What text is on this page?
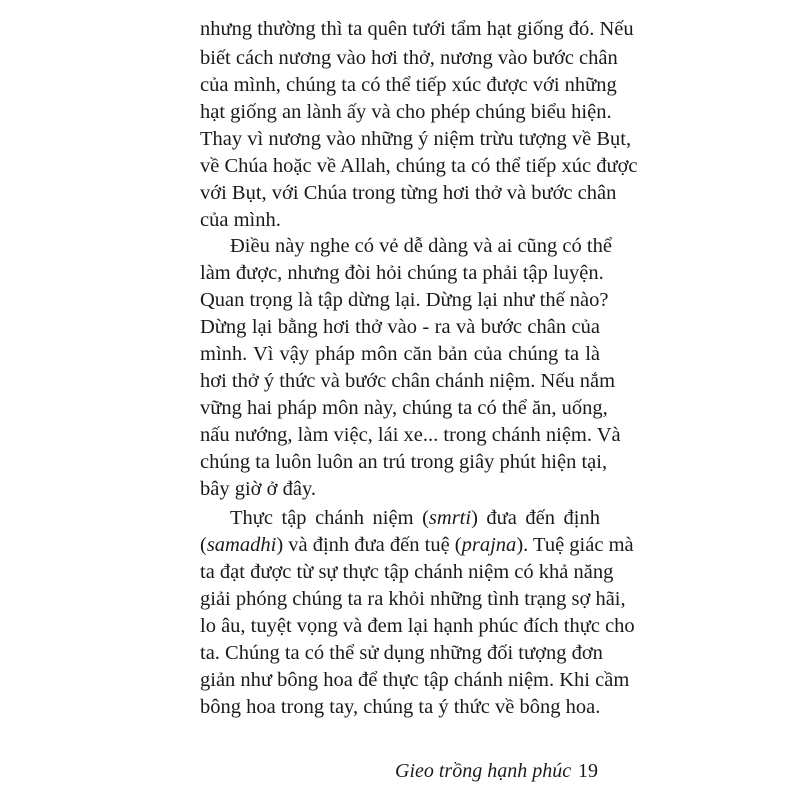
nhưng thường thì ta quên tưới tẩm hạt giống đó. Nếu
biết cách nương vào hơi thở, nương vào bước chân
của mình, chúng ta có thể tiếp xúc được với những
hạt giống an lành ấy và cho phép chúng biểu hiện.
Thay vì nương vào những ý niệm trừu tượng về Bụt,
về Chúa hoặc về Allah, chúng ta có thể tiếp xúc được
với Bụt, với Chúa trong từng hơi thở và bước chân
của mình.
Điều này nghe có vẻ dễ dàng và ai cũng có thể
làm được, nhưng đòi hỏi chúng ta phải tập luyện.
Quan trọng là tập dừng lại. Dừng lại như thế nào?
Dừng lại bằng hơi thở vào - ra và bước chân của
mình. Vì vậy pháp môn căn bản của chúng ta là
hơi thở ý thức và bước chân chánh niệm. Nếu nắm
vững hai pháp môn này, chúng ta có thể ăn, uống,
nấu nướng, làm việc, lái xe... trong chánh niệm. Và
chúng ta luôn luôn an trú trong giây phút hiện tại,
bây giờ ở đây.
Thực tập chánh niệm (smrti) đưa đến định
(samadhi) và định đưa đến tuệ (prajna). Tuệ giác mà
ta đạt được từ sự thực tập chánh niệm có khả năng
giải phóng chúng ta ra khỏi những tình trạng sợ hãi,
lo âu, tuyệt vọng và đem lại hạnh phúc đích thực cho
ta. Chúng ta có thể sử dụng những đối tượng đơn
giản như bông hoa để thực tập chánh niệm. Khi cầm
bông hoa trong tay, chúng ta ý thức về bông hoa.
Gieo trồng hạnh phúc 19
